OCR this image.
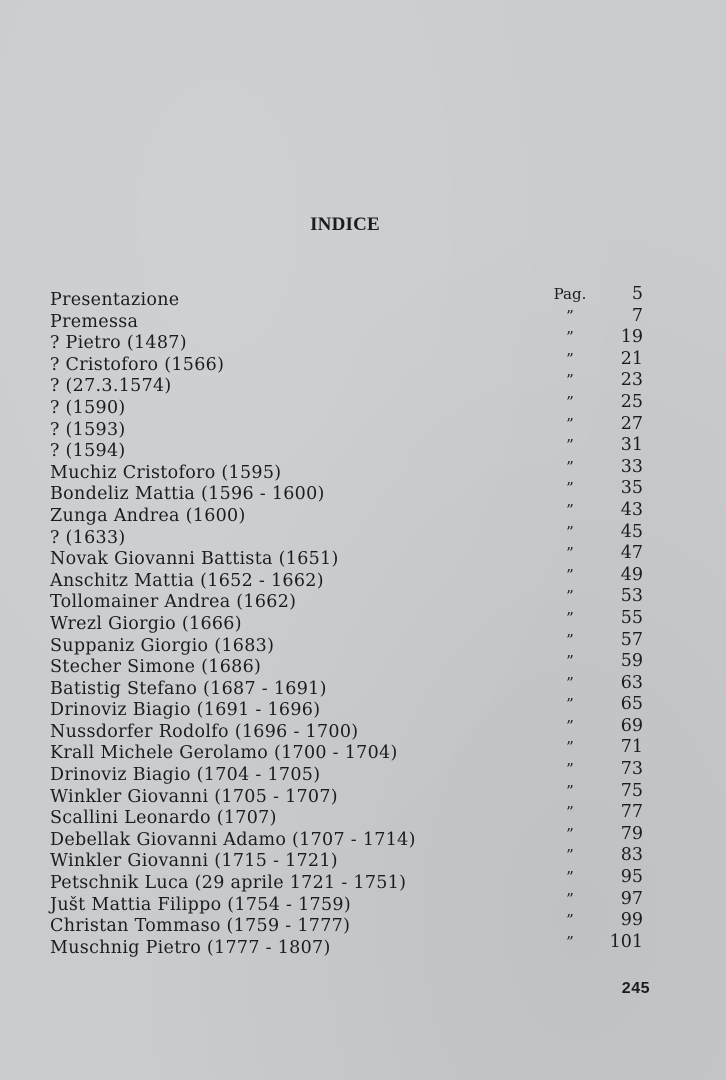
INDICE
Presentazione	Pag.	5
Premessa	”	7
? Pietro (1487)	”	19
? Cristoforo (1566)	”	21
? (27.3.1574)	”	23
? (1590)	”	25
? (1593)	”	27
? (1594)	”	31
Muchiz Cristoforo (1595)	”	33
Bondeliz Mattia (1596 - 1600)	”	35
Zunga Andrea (1600)	”	43
? (1633)	”	45
Novak Giovanni Battista (1651)	”	47
Anschitz Mattia (1652 - 1662)	”	49
Tollomainer Andrea (1662)	”	53
Wrezl Giorgio (1666)	”	55
Suppaniz Giorgio (1683)	”	57
Stecher Simone (1686)	”	59
Batistig Stefano (1687 - 1691)	”	63
Drinoviz Biagio (1691 - 1696)	”	65
Nussdorfer Rodolfo (1696 - 1700)	”	69
Krall Michele Gerolamo (1700 - 1704)	”	71
Drinoviz Biagio (1704 - 1705)	”	73
Winkler Giovanni (1705 - 1707)	”	75
Scallini Leonardo (1707)	”	77
Debellak Giovanni Adamo (1707 - 1714)	”	79
Winkler Giovanni (1715 - 1721)	”	83
Petschnik Luca (29 aprile 1721 - 1751)	”	95
Jušt Mattia Filippo (1754 - 1759)	”	97
Christan Tommaso (1759 - 1777)	”	99
Muschnig Pietro (1777 - 1807)	”	101
245
